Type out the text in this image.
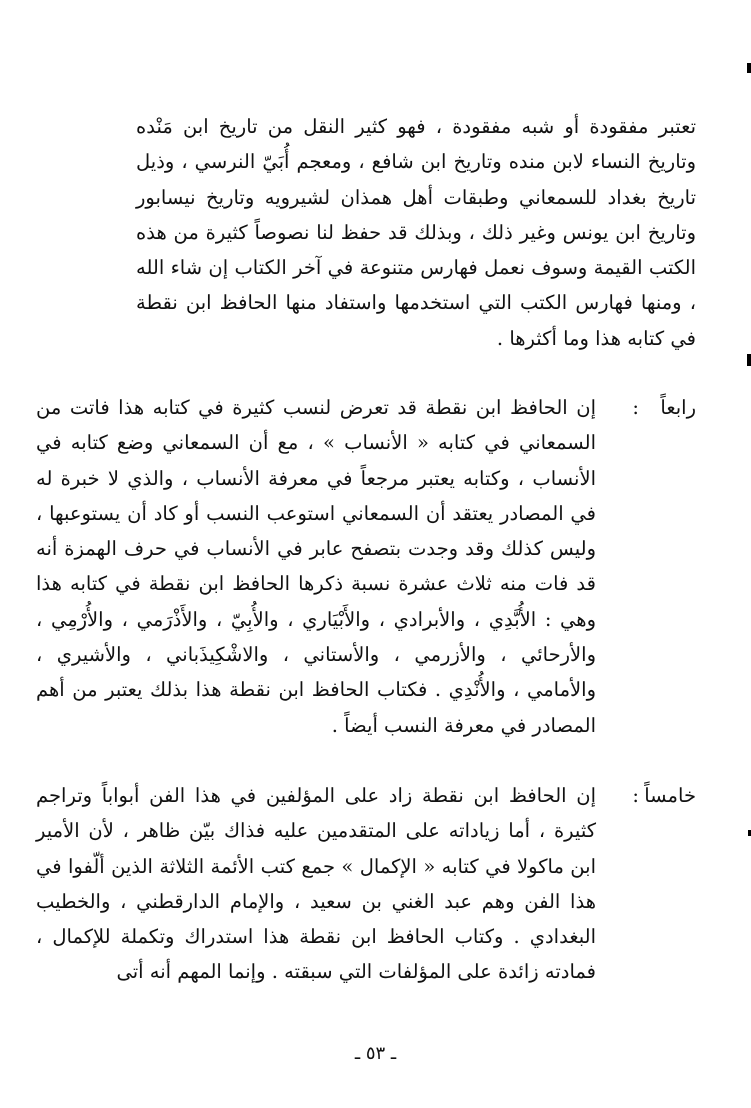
تعتبر مفقودة أو شبه مفقودة ، فهو كثير النقل من تاريخ ابن مَنْده وتاريخ النساء لابن منده وتاريخ ابن شافع ، ومعجم أُبَيّ النرسي ، وذيل تاريخ بغداد للسمعاني وطبقات أهل همذان لشيرويه وتاريخ نيسابور وتاريخ ابن يونس وغير ذلك ، وبذلك قد حفظ لنا نصوصاً كثيرة من هذه الكتب القيمة وسوف نعمل فهارس متنوعة في آخر الكتاب إن شاء الله ، ومنها فهارس الكتب التي استخدمها واستفاد منها الحافظ ابن نقطة في كتابه هذا وما أكثرها .
رابعاً
:
إن الحافظ ابن نقطة قد تعرض لنسب كثيرة في كتابه هذا فاتت من السمعاني في كتابه « الأنساب » ، مع أن السمعاني وضع كتابه في الأنساب ، وكتابه يعتبر مرجعاً في معرفة الأنساب ، والذي لا خبرة له في المصادر يعتقد أن السمعاني استوعب النسب أو كاد أن يستوعبها ، وليس كذلك وقد وجدت بتصفح عابر في الأنساب في حرف الهمزة أنه قد فات منه ثلاث عشرة نسبة ذكرها الحافظ ابن نقطة في كتابه هذا وهي : الأُبَّدِي ، والأبرادي ، والأَبْيَاري ، والأُبِيّ ، والأَذْرَمي ، والأُرْمِي ، والأرحائي ، والأزرمي ، والأستاني ، والاشْكِيذَباني ، والأشيري ، والأمامي ، والأُنْدِي . فكتاب الحافظ ابن نقطة هذا بذلك يعتبر من أهم المصادر في معرفة النسب أيضاً .
خامساً
:
إن الحافظ ابن نقطة زاد على المؤلفين في هذا الفن أبواباً وتراجم كثيرة ، أما زياداته على المتقدمين عليه فذاك بيّن ظاهر ، لأن الأمير ابن ماكولا في كتابه « الإكمال » جمع كتب الأئمة الثلاثة الذين ألّفوا في هذا الفن وهم عبد الغني بن سعيد ، والإمام الدارقطني ، والخطيب البغدادي . وكتاب الحافظ ابن نقطة هذا استدراك وتكملة للإكمال ، فمادته زائدة على المؤلفات التي سبقته . وإنما المهم أنه أتى
ـ ٥٣ ـ
